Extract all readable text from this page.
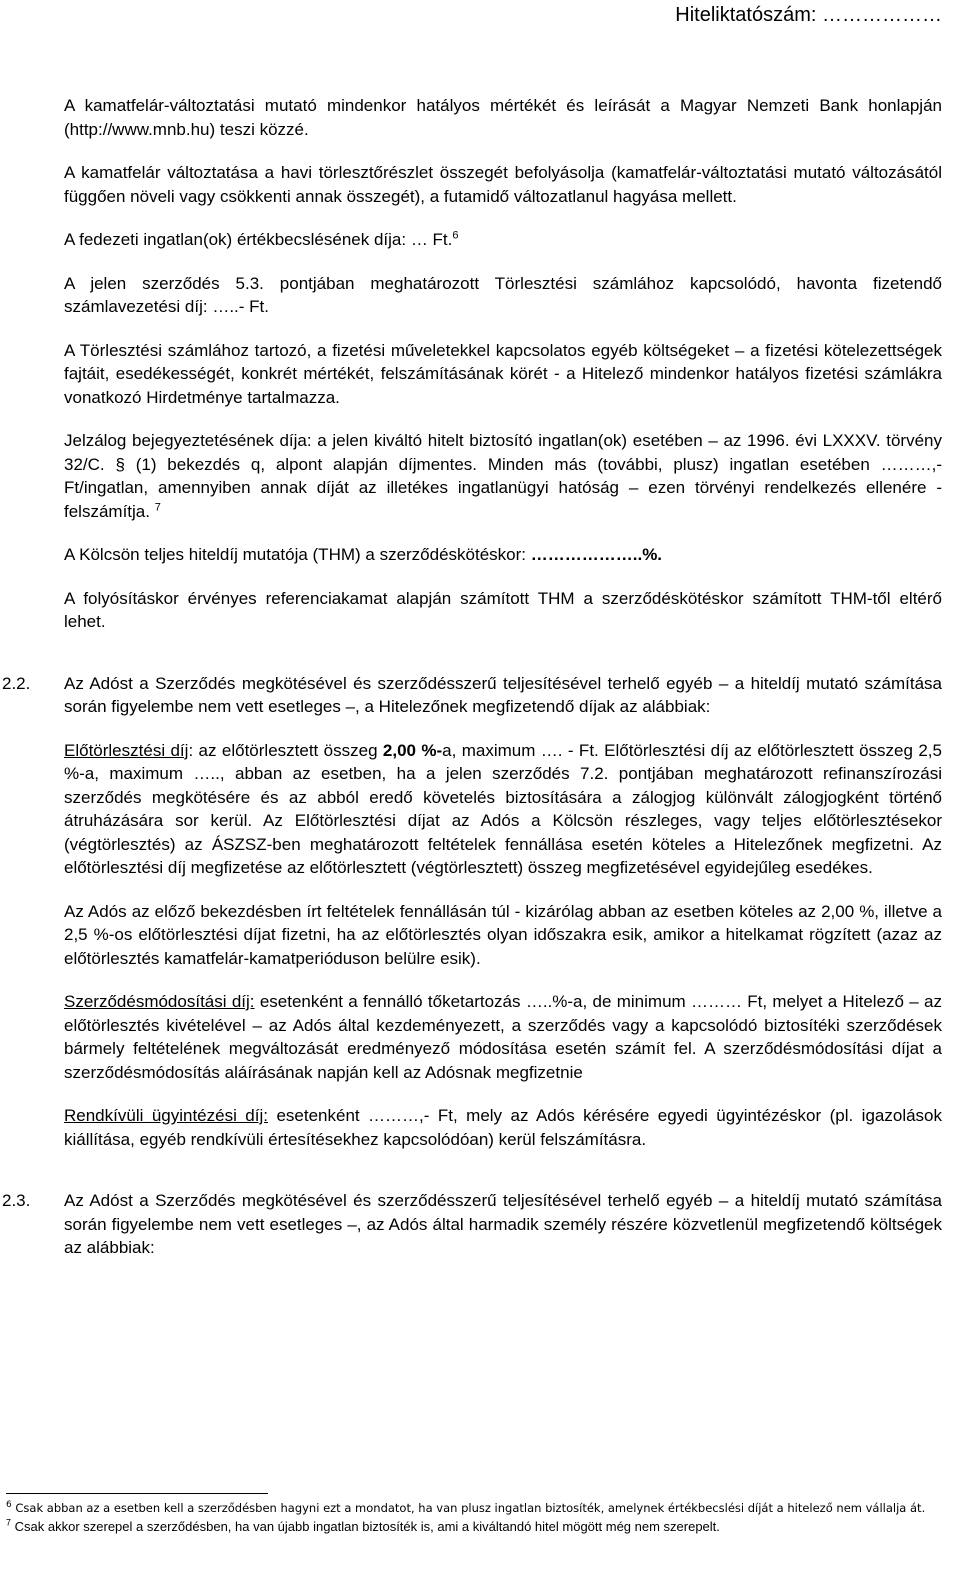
Hiteliktatószám: ………………

A kamatfelár-változtatási mutató mindenkor hatályos mértékét és leírását a Magyar Nemzeti Bank honlapján (http://www.mnb.hu) teszi közzé.

A kamatfelár változtatása a havi törlesztőrészlet összegét befolyásolja (kamatfelár-változtatási mutató változásától függően növeli vagy csökkenti annak összegét), a futamidő változatlanul hagyása mellett.

A fedezeti ingatlan(ok) értékbecslésének díja: … Ft.$^6$

A jelen szerződés 5.3. pontjában meghatározott Törlesztési számlához kapcsolódó, havonta fizetendő számlavezetési díj: …..- Ft.

A Törlesztési számlához tartozó, a fizetési műveletekkel kapcsolatos egyéb költségeket – a fizetési kötelezettségek fajtáit, esedékességét, konkrét mértékét, felszámításának körét - a Hitelező mindenkor hatályos fizetési számlákra vonatkozó Hirdetménye tartalmazza.

Jelzálog bejegyeztetésének díja: a jelen kiváltó hitelt biztosító ingatlan(ok) esetében – az 1996. évi LXXXV. törvény 32/C. § (1) bekezdés q, alpont alapján díjmentes. Minden más (további, plusz) ingatlan esetében ………,- Ft/ingatlan, amennyiben annak díját az illetékes ingatlanügyi hatóság – ezen törvényi rendelkezés ellenére - felszámítja. $^7$

A Kölcsön teljes hiteldíj mutatója (THM) a szerződéskötéskor: ………………..%.

A folyósításkor érvényes referenciakamat alapján számított THM a szerződéskötéskor számított THM-től eltérő lehet.

2.2. Az Adóst a Szerződés megkötésével és szerződésszerű teljesítésével terhelő egyéb – a hiteldíj mutató számítása során figyelembe nem vett esetleges –, a Hitelezőnek megfizetendő díjak az alábbiak:

Előtörlesztési díj: az előtörlesztett összeg 2,00 %-a, maximum …. - Ft. Előtörlesztési díj az előtörlesztett összeg 2,5 %-a, maximum ….., abban az esetben, ha a jelen szerződés 7.2. pontjában meghatározott refinanszírozási szerződés megkötésére és az abból eredő követelés biztosítására a zálogjog különvált zálogjogként történő átruházására sor kerül. Az Előtörlesztési díjat az Adós a Kölcsön részleges, vagy teljes előtörlesztésekor (végtörlesztés) az ÁSZSZ-ben meghatározott feltételek fennállása esetén köteles a Hitelezőnek megfizetni. Az előtörlesztési díj megfizetése az előtörlesztett (végtörlesztett) összeg megfizetésével egyidejűleg esedékes.

Az Adós az előző bekezdésben írt feltételek fennállásán túl - kizárólag abban az esetben köteles az 2,00 %, illetve a 2,5 %-os előtörlesztési díjat fizetni, ha az előtörlesztés olyan időszakra esik, amikor a hitelkamat rögzített (azaz az előtörlesztés kamatfelár-kamatperióduson belülre esik).

Szerződésmódosítási díj: esetenként a fennálló tőketartozás …..%-a, de minimum ……… Ft, melyet a Hitelező – az előtörlesztés kivételével – az Adós által kezdeményezett, a szerződés vagy a kapcsolódó biztosítéki szerződések bármely feltételének megváltozását eredményező módosítása esetén számít fel. A szerződésmódosítási díjat a szerződésmódosítás aláírásának napján kell az Adósnak megfizetnie

Rendkívüli ügyintézési díj: esetenként ………,- Ft, mely az Adós kérésére egyedi ügyintézéskor (pl. igazolások kiállítása, egyéb rendkívüli értesítésekhez kapcsolódóan) kerül felszámításra.

2.3. Az Adóst a Szerződés megkötésével és szerződésszerű teljesítésével terhelő egyéb – a hiteldíj mutató számítása során figyelembe nem vett esetleges –, az Adós által harmadik személy részére közvetlenül megfizetendő költségek az alábbiak:

$^6$ Csak abban az a esetben kell a szerződésben hagyni ezt a mondatot, ha van plusz ingatlan biztosíték, amelynek értékbecslési díját a hitelező nem vállalja át.

$^7$ Csak akkor szerepel a szerződésben, ha van újabb ingatlan biztosíték is, ami a kiváltandó hitel mögött még nem szerepelt.
